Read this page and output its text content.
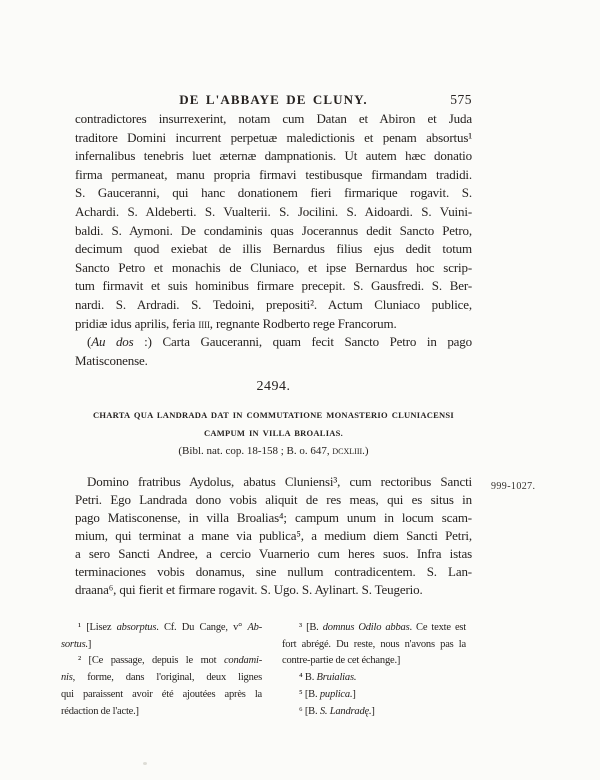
DE L'ABBAYE DE CLUNY.	575
contradictores insurrexerint, notam cum Datan et Abiron et Juda
traditore Domini incurrent perpetuæ maledictionis et penam absortus¹
infernalibus tenebris luet æternæ dampnationis. Ut autem hæc donatio
firma permaneat, manu propria firmavi testibusque firmandam tradidi.
S. Gauceranni, qui hanc donationem fieri firmarique rogavit. S.
Achardi. S. Aldeberti. S. Vualterii. S. Jocilini. S. Aidoardi. S. Vuini-
baldi. S. Aymoni. De condaminis quas Jocerannus dedit Sancto Petro,
decimum quod exiebat de illis Bernardus filius ejus dedit totum
Sancto Petro et monachis de Cluniaco, et ipse Bernardus hoc scrip-
tum firmavit et suis hominibus firmare precepit. S. Gausfredi. S. Ber-
nardi. S. Ardradi. S. Tedoini, prepositi². Actum Cluniaco publice,
pridiæ idus aprilis, feria iiii, regnante Rodberto rege Francorum.
(Au dos :) Carta Gauceranni, quam fecit Sancto Petro in pago
Matisconense.
2494.
CHARTA QUA LANDRADA DAT IN COMMUTATIONE MONASTERIO CLUNIACENSI
CAMPUM IN VILLA BROALIAS.
(Bibl. nat. cop. 18-158 ; B. o. 647, dcxliii.)
999-1027.
Domino fratribus Aydolus, abatus Cluniensi³, cum rectoribus Sancti
Petri. Ego Landrada dono vobis aliquit de res meas, qui es situs in
pago Matisconense, in villa Broalias⁴; campum unum in locum scam-
mium, qui terminat a mane via publica⁵, a medium diem Sancti Petri,
a sero Sancti Andree, a cercio Vuarnerio cum heres suos. Infra istas
terminaciones vobis donamus, sine nullum contradicentem. S. Lan-
draana⁶, qui fierit et firmare rogavit. S. Ugo. S. Aylinart. S. Teugerio.
¹ [Lisez absorptus. Cf. Du Cange, v° Ab-
sortus.]
² [Ce passage, depuis le mot condami-
nis, forme, dans l'original, deux lignes
qui paraissent avoir été ajoutées après la
rédaction de l'acte.]
³ [B. domnus Odilo abbas. Ce texte est
fort abrégé. Du reste, nous n'avons pas la
contre-partie de cet échange.]
⁴ B. Bruialias.
⁵ [B. puplica.]
⁶ [B. S. Landradę.]
